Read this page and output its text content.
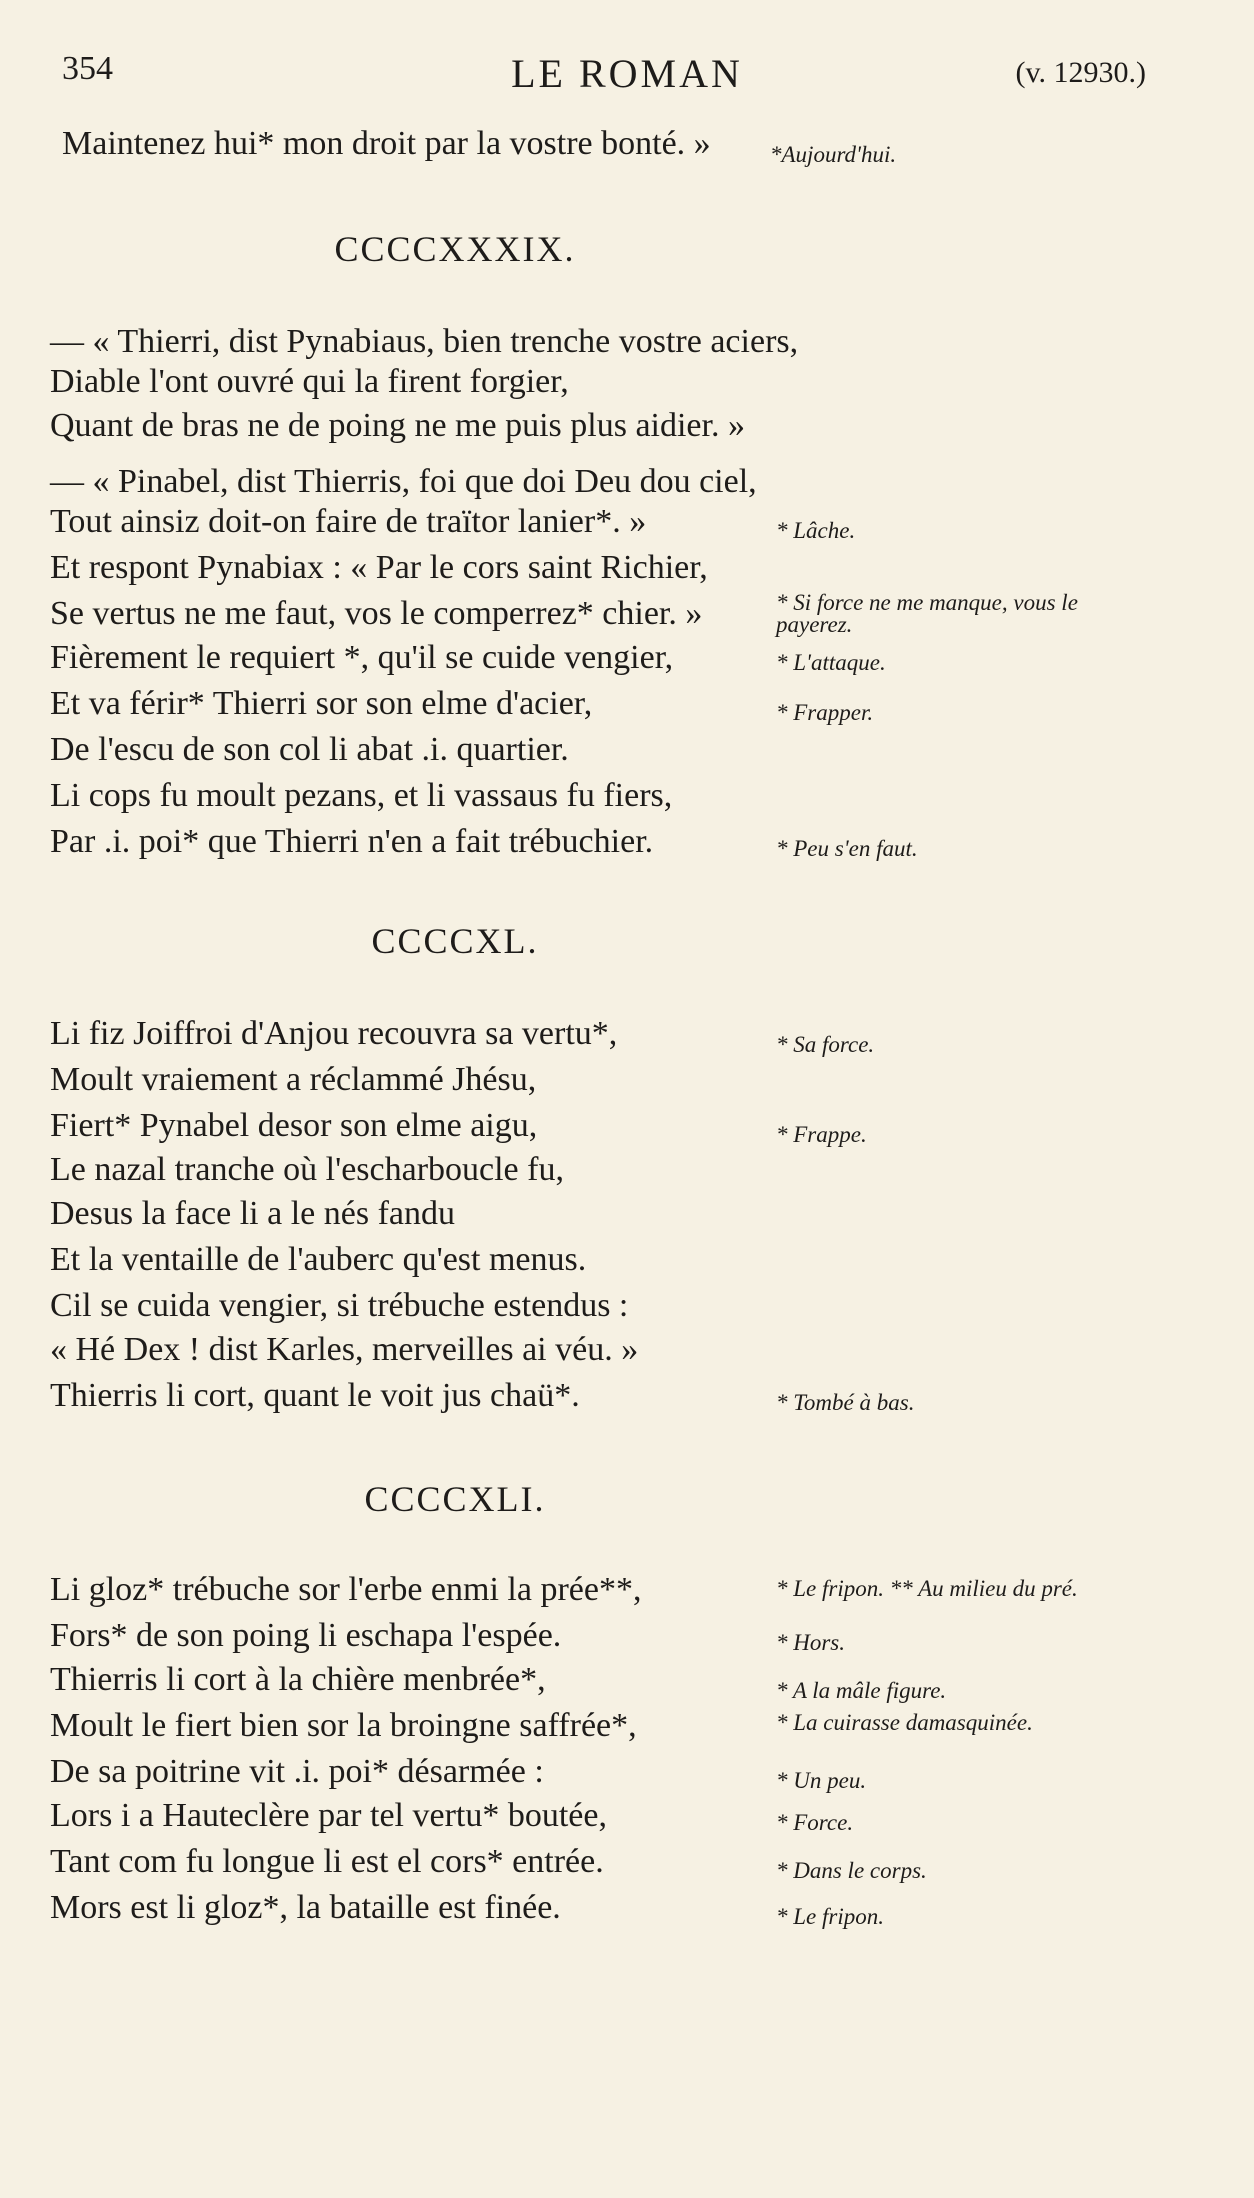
354	LE ROMAN	(v. 12930.)
Maintenez hui* mon droit par la vostre bonté. »	*Aujourd'hui.
CCCCXXXIX.
— « Thierri, dist Pynabiaus, bien trenche vostre aciers,
Diable l'ont ouvré qui la firent forgier,
Quant de bras ne de poing ne me puis plus aidier. »
— « Pinabel, dist Thierris, foi que doi Deu dou ciel,
Tout ainsiz doit-on faire de traïtor lanier*. »	* Lâche.
Et respont Pynabiax : « Par le cors saint Richier,
Se vertus ne me faut, vos le comperrez* chier. »	* Si force ne me manque, vous le payerez.
Fièrement le requiert *, qu'il se cuide vengier,	* L'attaque.
Et va férir* Thierri sor son elme d'acier,	* Frapper.
De l'escu de son col li abat .i. quartier.
Li cops fu moult pezans, et li vassaus fu fiers,
Par .i. poi* que Thierri n'en a fait trébuchier.	* Peu s'en faut.
CCCCXL.
Li fiz Joiffroi d'Anjou recouvra sa vertu*,	* Sa force.
Moult vraiement a réclammé Jhésu,
Fiert* Pynabel desor son elme aigu,	* Frappe.
Le nazal tranche où l'escharboucle fu,
Desus la face li a le nés fandu
Et la ventaille de l'auberc qu'est menus.
Cil se cuida vengier, si trébuche estendus :
« Hé Dex ! dist Karles, merveilles ai véu. »
Thierris li cort, quant le voit jus chaü*.	* Tombé à bas.
CCCCXLI.
Li gloz* trébuche sor l'erbe enmi la prée**,	* Le fripon. ** Au milieu du pré.
Fors* de son poing li eschapa l'espée.	* Hors.
Thierris li cort à la chière menbrée*,	* A la mâle figure.
Moult le fiert bien sor la broingne saffrée*,	* La cuirasse damasquinée.
De sa poitrine vit .i. poi* désarmée :	* Un peu.
Lors i a Hauteclère par tel vertu* boutée,	* Force.
Tant com fu longue li est el cors* entrée.	* Dans le corps.
Mors est li gloz*, la bataille est finée.	* Le fripon.
